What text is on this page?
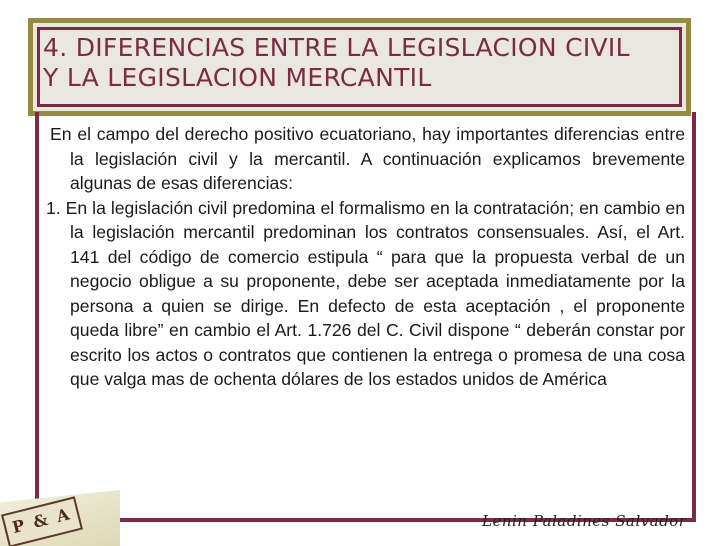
4. DIFERENCIAS ENTRE LA LEGISLACION CIVIL
Y LA LEGISLACION MERCANTIL

En el campo del derecho positivo ecuatoriano, hay importantes diferencias entre la legislación civil y la mercantil. A continuación explicamos brevemente algunas de esas diferencias:

1. En la legislación civil predomina el formalismo en la contratación; en cambio en la legislación mercantil predominan los contratos consensuales. Así, el Art. 141 del código de comercio estipula “ para que la propuesta verbal de un negocio obligue a su proponente, debe ser aceptada inmediatamente por la persona a quien se dirige. En defecto de esta aceptación , el proponente queda libre” en cambio el Art. 1.726 del C. Civil dispone “ deberán constar por escrito los actos o contratos que contienen la entrega o promesa de una cosa que valga mas de ochenta dólares de los estados unidos de América

P & A	Lenin Paladines Salvador
